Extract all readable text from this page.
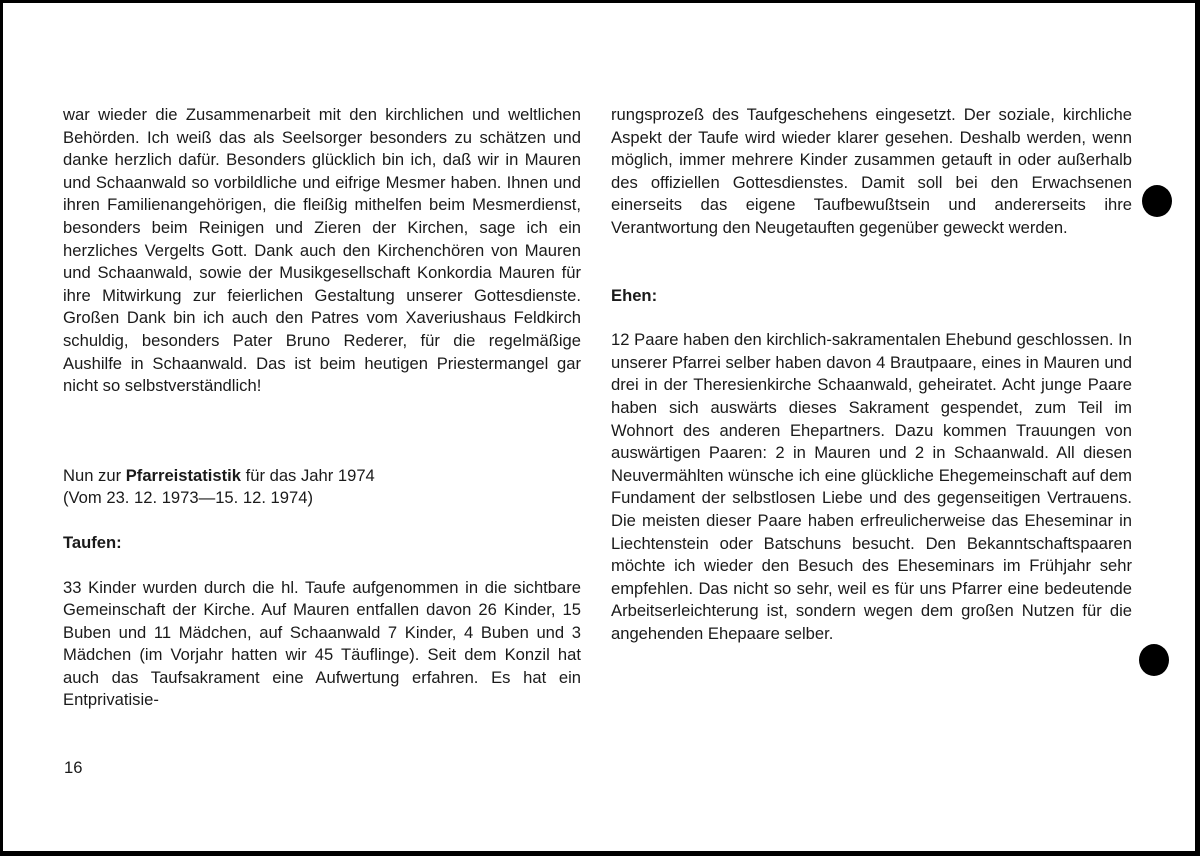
war wieder die Zusammenarbeit mit den kirchlichen und weltlichen Behörden. Ich weiß das als Seelsorger besonders zu schätzen und danke herzlich dafür. Besonders glücklich bin ich, daß wir in Mauren und Schaanwald so vorbildliche und eifrige Mesmer haben. Ihnen und ihren Familienangehörigen, die fleißig mithelfen beim Mesmerdienst, besonders beim Reinigen und Zieren der Kirchen, sage ich ein herzliches Vergelts Gott. Dank auch den Kirchenchören von Mauren und Schaanwald, sowie der Musikgesellschaft Konkordia Mauren für ihre Mitwirkung zur feierlichen Gestaltung unserer Gottesdienste. Großen Dank bin ich auch den Patres vom Xaveriushaus Feldkirch schuldig, besonders Pater Bruno Rederer, für die regelmäßige Aushilfe in Schaanwald. Das ist beim heutigen Priestermangel gar nicht so selbstverständlich!

Nun zur Pfarreistatistik für das Jahr 1974

(Vom 23. 12. 1973—15. 12. 1974)

Taufen:

33 Kinder wurden durch die hl. Taufe aufgenommen in die sichtbare Gemeinschaft der Kirche. Auf Mauren entfallen davon 26 Kinder, 15 Buben und 11 Mädchen, auf Schaanwald 7 Kinder, 4 Buben und 3 Mädchen (im Vorjahr hatten wir 45 Täuflinge). Seit dem Konzil hat auch das Taufsakrament eine Aufwertung erfahren. Es hat ein Entprivatisie-

rungsprozeß des Taufgeschehens eingesetzt. Der soziale, kirchliche Aspekt der Taufe wird wieder klarer gesehen. Deshalb werden, wenn möglich, immer mehrere Kinder zusammen getauft in oder außerhalb des offiziellen Gottesdienstes. Damit soll bei den Erwachsenen einerseits das eigene Taufbewußtsein und andererseits ihre Verantwortung den Neugetauften gegenüber geweckt werden.

Ehen:

12 Paare haben den kirchlich-sakramentalen Ehebund geschlossen. In unserer Pfarrei selber haben davon 4 Brautpaare, eines in Mauren und drei in der Theresienkirche Schaanwald, geheiratet. Acht junge Paare haben sich auswärts dieses Sakrament gespendet, zum Teil im Wohnort des anderen Ehepartners. Dazu kommen Trauungen von auswärtigen Paaren: 2 in Mauren und 2 in Schaanwald. All diesen Neuvermählten wünsche ich eine glückliche Ehegemeinschaft auf dem Fundament der selbstlosen Liebe und des gegenseitigen Vertrauens. Die meisten dieser Paare haben erfreulicherweise das Eheseminar in Liechtenstein oder Batschuns besucht. Den Bekanntschaftspaaren möchte ich wieder den Besuch des Eheseminars im Frühjahr sehr empfehlen. Das nicht so sehr, weil es für uns Pfarrer eine bedeutende Arbeitserleichterung ist, sondern wegen dem großen Nutzen für die angehenden Ehepaare selber.

16
